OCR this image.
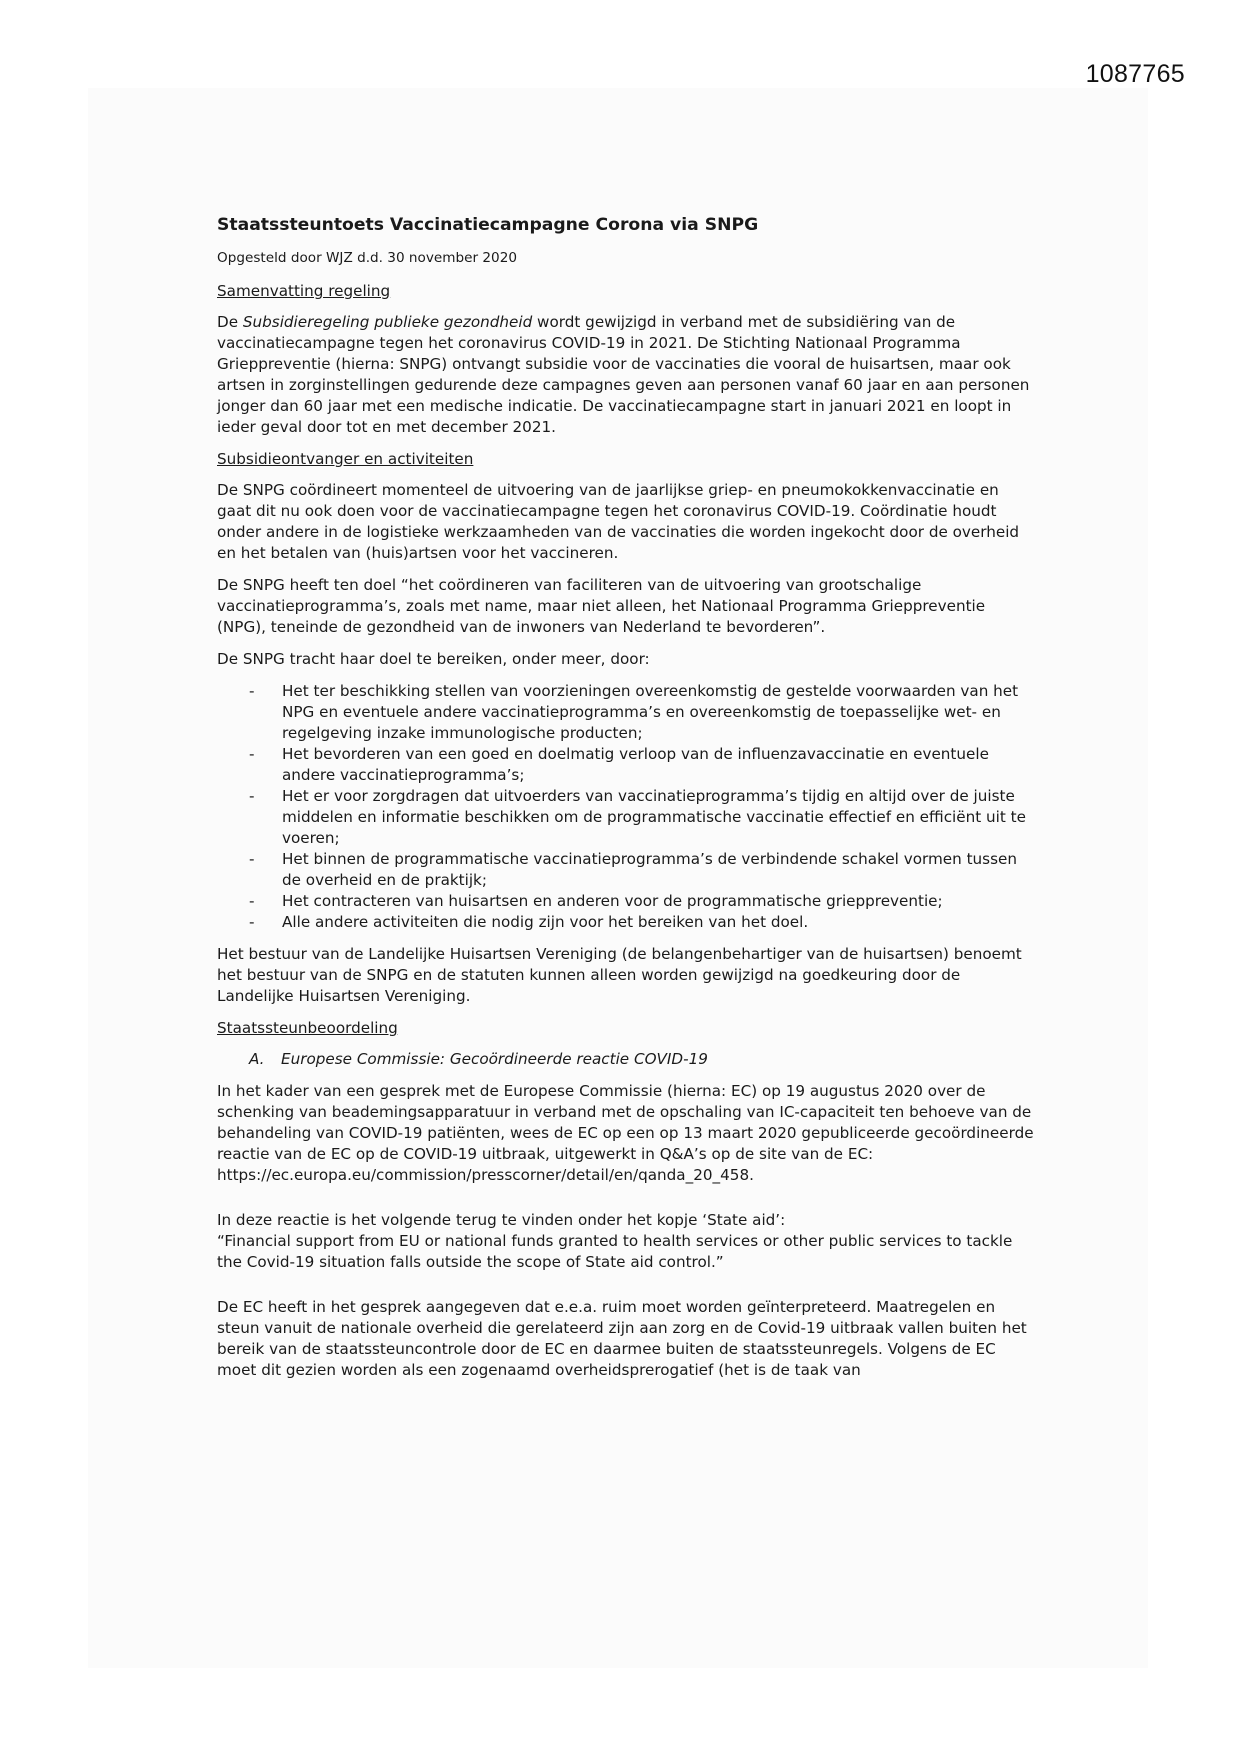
1087765
Staatssteuntoets Vaccinatiecampagne Corona via SNPG
Opgesteld door WJZ d.d. 30 november 2020
Samenvatting regeling

De Subsidieregeling publieke gezondheid wordt gewijzigd in verband met de subsidiëring van de vaccinatiecampagne tegen het coronavirus COVID-19 in 2021. De Stichting Nationaal Programma Grieppreventie (hierna: SNPG) ontvangt subsidie voor de vaccinaties die vooral de huisartsen, maar ook artsen in zorginstellingen gedurende deze campagnes geven aan personen vanaf 60 jaar en aan personen jonger dan 60 jaar met een medische indicatie. De vaccinatiecampagne start in januari 2021 en loopt in ieder geval door tot en met december 2021.

Subsidieontvanger en activiteiten

De SNPG coördineert momenteel de uitvoering van de jaarlijkse griep- en pneumokokkenvaccinatie en gaat dit nu ook doen voor de vaccinatiecampagne tegen het coronavirus COVID-19. Coördinatie houdt onder andere in de logistieke werkzaamheden van de vaccinaties die worden ingekocht door de overheid en het betalen van (huis)artsen voor het vaccineren.

De SNPG heeft ten doel “het coördineren van faciliteren van de uitvoering van grootschalige vaccinatieprogramma’s, zoals met name, maar niet alleen, het Nationaal Programma Grieppreventie (NPG), teneinde de gezondheid van de inwoners van Nederland te bevorderen”.

De SNPG tracht haar doel te bereiken, onder meer, door:

- Het ter beschikking stellen van voorzieningen overeenkomstig de gestelde voorwaarden van het NPG en eventuele andere vaccinatieprogramma’s en overeenkomstig de toepasselijke wet- en regelgeving inzake immunologische producten;
- Het bevorderen van een goed en doelmatig verloop van de influenzavaccinatie en eventuele andere vaccinatieprogramma’s;
- Het er voor zorgdragen dat uitvoerders van vaccinatieprogramma’s tijdig en altijd over de juiste middelen en informatie beschikken om de programmatische vaccinatie effectief en efficiënt uit te voeren;
- Het binnen de programmatische vaccinatieprogramma’s de verbindende schakel vormen tussen de overheid en de praktijk;
- Het contracteren van huisartsen en anderen voor de programmatische grieppreventie;
- Alle andere activiteiten die nodig zijn voor het bereiken van het doel.

Het bestuur van de Landelijke Huisartsen Vereniging (de belangenbehartiger van de huisartsen) benoemt het bestuur van de SNPG en de statuten kunnen alleen worden gewijzigd na goedkeuring door de Landelijke Huisartsen Vereniging.

Staatssteunbeoordeling
A. Europese Commissie: Gecoördineerde reactie COVID-19

In het kader van een gesprek met de Europese Commissie (hierna: EC) op 19 augustus 2020 over de schenking van beademingsapparatuur in verband met de opschaling van IC-capaciteit ten behoeve van de behandeling van COVID-19 patiënten, wees de EC op een op 13 maart 2020 gepubliceerde gecoördineerde reactie van de EC op de COVID-19 uitbraak, uitgewerkt in Q&A’s op de site van de EC: https://ec.europa.eu/commission/presscorner/detail/en/qanda_20_458.

In deze reactie is het volgende terug te vinden onder het kopje ‘State aid’:
“Financial support from EU or national funds granted to health services or other public services to tackle the Covid-19 situation falls outside the scope of State aid control.”

De EC heeft in het gesprek aangegeven dat e.e.a. ruim moet worden geïnterpreteerd. Maatregelen en steun vanuit de nationale overheid die gerelateerd zijn aan zorg en de Covid-19 uitbraak vallen buiten het bereik van de staatssteuncontrole door de EC en daarmee buiten de staatssteunregels. Volgens de EC moet dit gezien worden als een zogenaamd overheidsprerogatief (het is de taak van
